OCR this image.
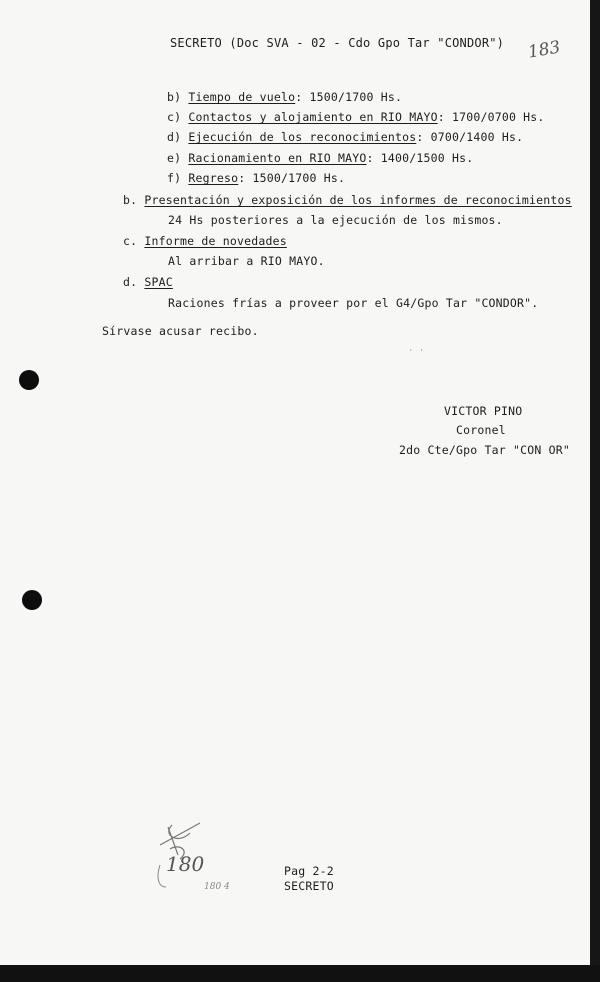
SECRETO (Doc SVA - 02 - Cdo Gpo Tar "CONDOR") 183
b) Tiempo de vuelo: 1500/1700 Hs.
c) Contactos y alojamiento en RIO MAYO: 1700/0700 Hs.
d) Ejecución de los reconocimientos: 0700/1400 Hs.
e) Racionamiento en RIO MAYO: 1400/1500 Hs.
f) Regreso: 1500/1700 Hs.
b. Presentación y exposición de los informes de reconocimientos
24 Hs posteriores a la ejecución de los mismos.
c. Informe de novedades
Al arribar a RIO MAYO.
d. SPAC
Raciones frías a proveer por el G4/Gpo Tar "CONDOR".
Sírvase acusar recibo.
· ·
VICTOR PINO
Coronel
2do Cte/Gpo Tar "CON OR"
180
180 4
Pag 2-2
SECRETO
